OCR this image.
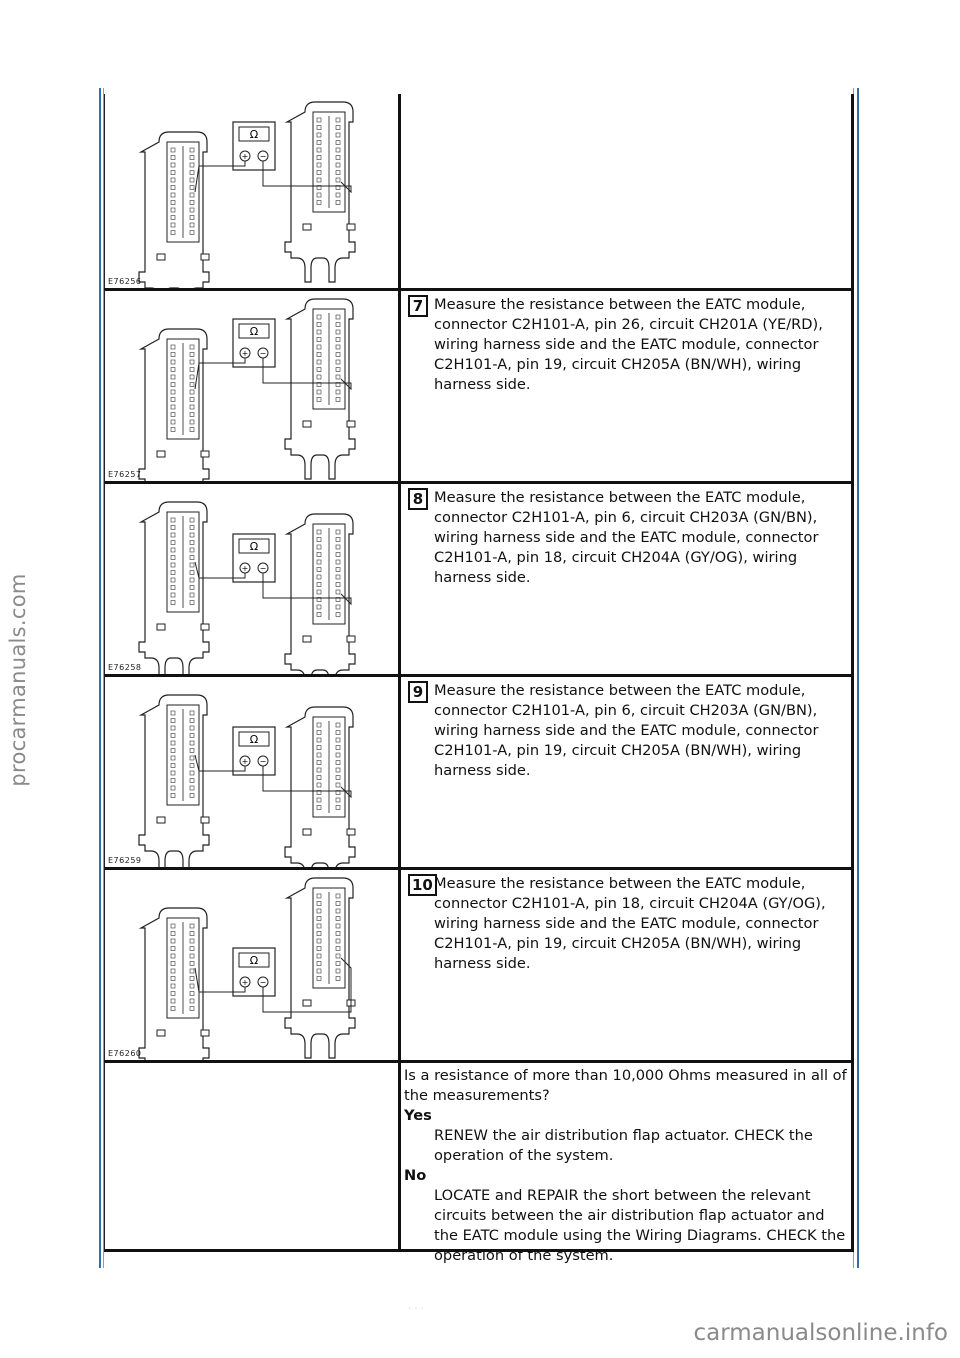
procarmanuals.com
Ω
+ −
E76256
Ω
+ −
E76257
7 Measure the resistance between the EATC module, connector C2H101-A, pin 26, circuit CH201A (YE/RD), wiring harness side and the EATC module, connector C2H101-A, pin 19, circuit CH205A (BN/WH), wiring harness side.
Ω
+ −
E76258
8 Measure the resistance between the EATC module, connector C2H101-A, pin 6, circuit CH203A (GN/BN), wiring harness side and the EATC module, connector C2H101-A, pin 18, circuit CH204A (GY/OG), wiring harness side.
Ω
+ −
E76259
9 Measure the resistance between the EATC module, connector C2H101-A, pin 6, circuit CH203A (GN/BN), wiring harness side and the EATC module, connector C2H101-A, pin 19, circuit CH205A (BN/WH), wiring harness side.
Ω
+ −
E76260
10 Measure the resistance between the EATC module, connector C2H101-A, pin 18, circuit CH204A (GY/OG), wiring harness side and the EATC module, connector C2H101-A, pin 19, circuit CH205A (BN/WH), wiring harness side.
Is a resistance of more than 10,000 Ohms measured in all of the measurements?
Yes
RENEW the air distribution flap actuator. CHECK the operation of the system.
No
LOCATE and REPAIR the short between the relevant circuits between the air distribution flap actuator and the EATC module using the Wiring Diagrams. CHECK the operation of the system.
· · ·
carmanualsonline.info
